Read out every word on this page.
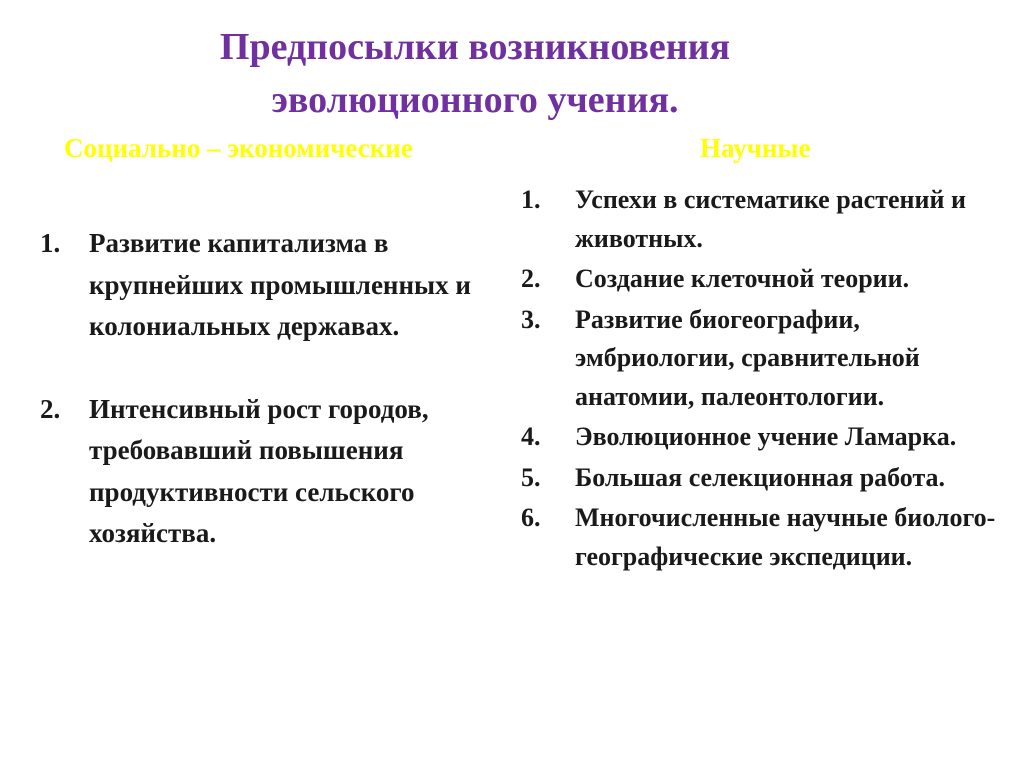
Предпосылки возникновения
эволюционного учения.
Социально – экономические	Научные
1.	Развитие капитализма в крупнейших промышленных и колониальных державах.
2.	Интенсивный рост городов, требовавший повышения продуктивности сельского хозяйства.
1.	Успехи в систематике растений и животных.
2.	Создание клеточной теории.
3.	Развитие биогеографии, эмбриологии, сравнительной анатомии, палеонтологии.
4.	Эволюционное учение Ламарка.
5.	Большая селекционная работа.
6.	Многочисленные научные биолого-географические экспедиции.
